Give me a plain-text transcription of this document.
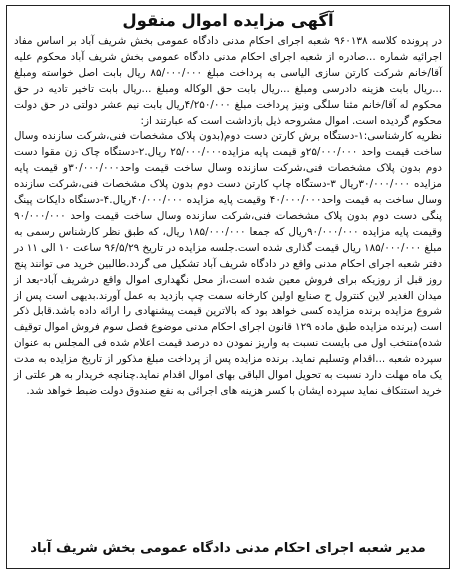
آگهی مزایده اموال منقول

در پرونده کلاسه ۹۶۰۱۳۸ شعبه اجرای احکام مدنی دادگاه عمومی بخش شریف آباد بر اساس مفاد اجرائیه شماره ...صادره از شعبه اجرای احکام مدنی دادگاه عمومی بخش شریف آباد محکوم علیه آقا/خانم شرکت کارتن سازی الیاسی به پرداخت مبلغ ۸۵/۰۰۰/۰۰۰ ریال بابت اصل خواسته ومبلغ ...ریال بابت هزینه دادرسی ومبلغ ...ریال بابت حق الوکاله ومبلغ ...ریال بابت تاخیر تادیه در حق محکوم له آقا/خانم مثنا سلگی ونیز پرداخت مبلغ ۴/۲۵۰/۰۰۰ریال بابت نیم عشر دولتی در حق دولت محکوم گردیده است. اموال مشروحه ذیل بازداشت است که عبارتند از:

نظریه کارشناسی:۱-دستگاه برش کارتن دست دوم(بدون پلاک مشخصات فنی،شرکت سازنده وسال ساخت قیمت واحد ۲۵/۰۰۰/۰۰۰و قیمت پایه مزایده۲۵/۰۰۰/۰۰۰ ریال.۲-دستگاه چاک زن مقوا دست دوم بدون پلاک مشخصات فنی،شرکت سازنده وسال ساخت قیمت واحد۳۰/۰۰۰/۰۰۰و قیمت پایه مزایده ۳۰/۰۰۰/۰۰۰ریال ۳-دستگاه چاپ کارتن دست دوم بدون پلاک مشخصات فنی،شرکت سازنده وسال ساخت به قیمت واحد۴۰/۰۰۰/۰۰۰ وقیمت پایه مزایده ۴۰/۰۰۰/۰۰۰ریال.۴-دستگاه دایکات پینگ پنگی دست دوم بدون پلاک مشخصات فنی،شرکت سازنده وسال ساخت قیمت واحد ۹۰/۰۰۰/۰۰۰ وقیمت پایه مزایده ۹۰/۰۰۰/۰۰۰ریال که جمعا ۱۸۵/۰۰۰/۰۰۰ ریال، که طبق نظر کارشناس رسمی به مبلغ ۱۸۵/۰۰۰/۰۰۰ ریال قیمت گذاری شده است.جلسه مزایده در تاریخ ۹۶/۵/۲۹ ساعت ۱۰ الی ۱۱ در دفتر شعبه اجرای احکام مدنی واقع در دادگاه شریف آباد تشکیل می گردد.طالبین خرید می توانند پنج روز قبل از روزیکه برای فروش معین شده است،از محل نگهداری اموال واقع درشریف آباد-بعد از میدان الغدیر لاین کنترول ح صنایع اولین کارخانه سمت چپ بازدید به عمل آورند.بدیهی است پس از شروع مزایده برنده مزایده کسی خواهد بود که بالاترین قیمت پیشنهادی را ارائه داده باشد.قابل ذکر است (برنده مزایده طبق ماده ۱۲۹ قانون اجرای احکام مدنی موضوع فصل سوم فروش اموال توقیف شده)منتخب اول می بایست نسبت به واریز نمودن ده درصد قیمت اعلام شده فی المجلس به عنوان سپرده شعبه ...اقدام وتسلیم نماید. برنده مزایده پس از پرداخت مبلغ مذکور از تاریخ مزایده به مدت یک ماه مهلت دارد نسبت به تحویل اموال الباقی بهای اموال اقدام نماید.چنانچه خریدار به هر علتی از خرید استنکاف نماید سپرده ایشان با کسر هزینه های اجرائی به نفع صندوق دولت ضبط خواهد شد.

مدیر شعبه اجرای احکام مدنی دادگاه عمومی بخش شریف آباد
